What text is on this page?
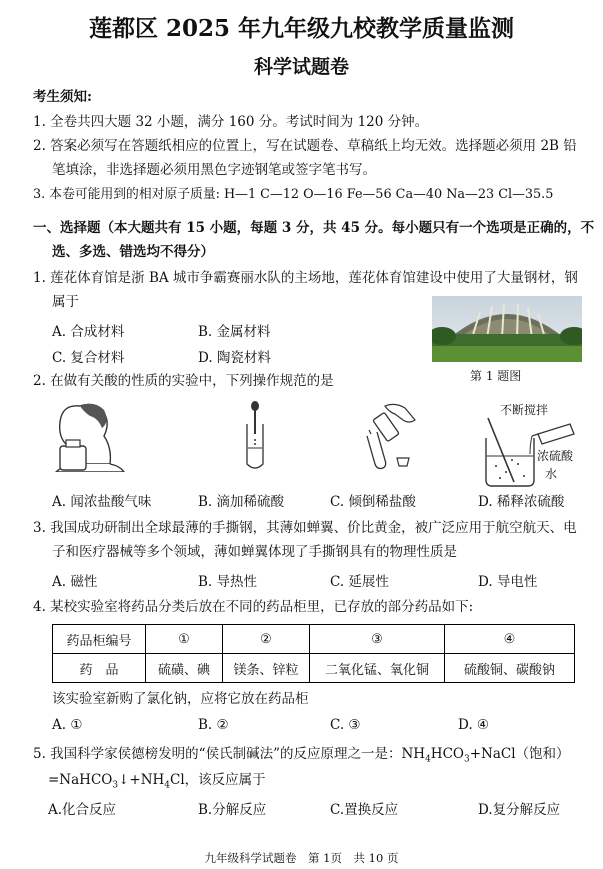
莲都区 2025 年九年级九校教学质量监测
科学试题卷
考生须知:
1. 全卷共四大题 32 小题，满分 160 分。考试时间为 120 分钟。
2. 答案必须写在答题纸相应的位置上，写在试题卷、草稿纸上均无效。选择题必须用 2B 铅
笔填涂，非选择题必须用黑色字迹钢笔或签字笔书写。
3. 本卷可能用到的相对原子质量: H—1 C—12 O—16 Fe—56 Ca—40 Na—23 Cl—35.5
一、选择题（本大题共有 15 小题，每题 3 分，共 45 分。每小题只有一个选项是正确的，不
选、多选、错选均不得分）
1. 莲花体育馆是浙 BA 城市争霸赛丽水队的主场地，莲花体育馆建设中使用了大量钢材，钢
属于
A. 合成材料	B. 金属材料
C. 复合材料	D. 陶瓷材料
第 1 题图
2. 在做有关酸的性质的实验中，下列操作规范的是
不断搅拌
浓硫酸
水
A. 闻浓盐酸气味	B. 滴加稀硫酸	C. 倾倒稀盐酸	D. 稀释浓硫酸
3. 我国成功研制出全球最薄的手撕钢，其薄如蝉翼、价比黄金，被广泛应用于航空航天、电
子和医疗器械等多个领域，薄如蝉翼体现了手撕钢具有的物理性质是
A. 磁性	B. 导热性	C. 延展性	D. 导电性
4. 某校实验室将药品分类后放在不同的药品柜里，已存放的部分药品如下:
药品柜编号	①	②	③	④
药　品	硫磺、碘	镁条、锌粒	二氧化锰、氧化铜	硫酸铜、碳酸钠
该实验室新购了氯化钠，应将它放在药品柜
A. ①	B. ②	C. ③	D. ④
5. 我国科学家侯德榜发明的“侯氏制碱法”的反应原理之一是：$NH_4HCO_3+NaCl$（饱和）
$=NaHCO_3↓+NH_4Cl$，该反应属于
A.化合反应	B.分解反应	C.置换反应	D.复分解反应
九年级科学试题卷　第 1页　共 10 页
